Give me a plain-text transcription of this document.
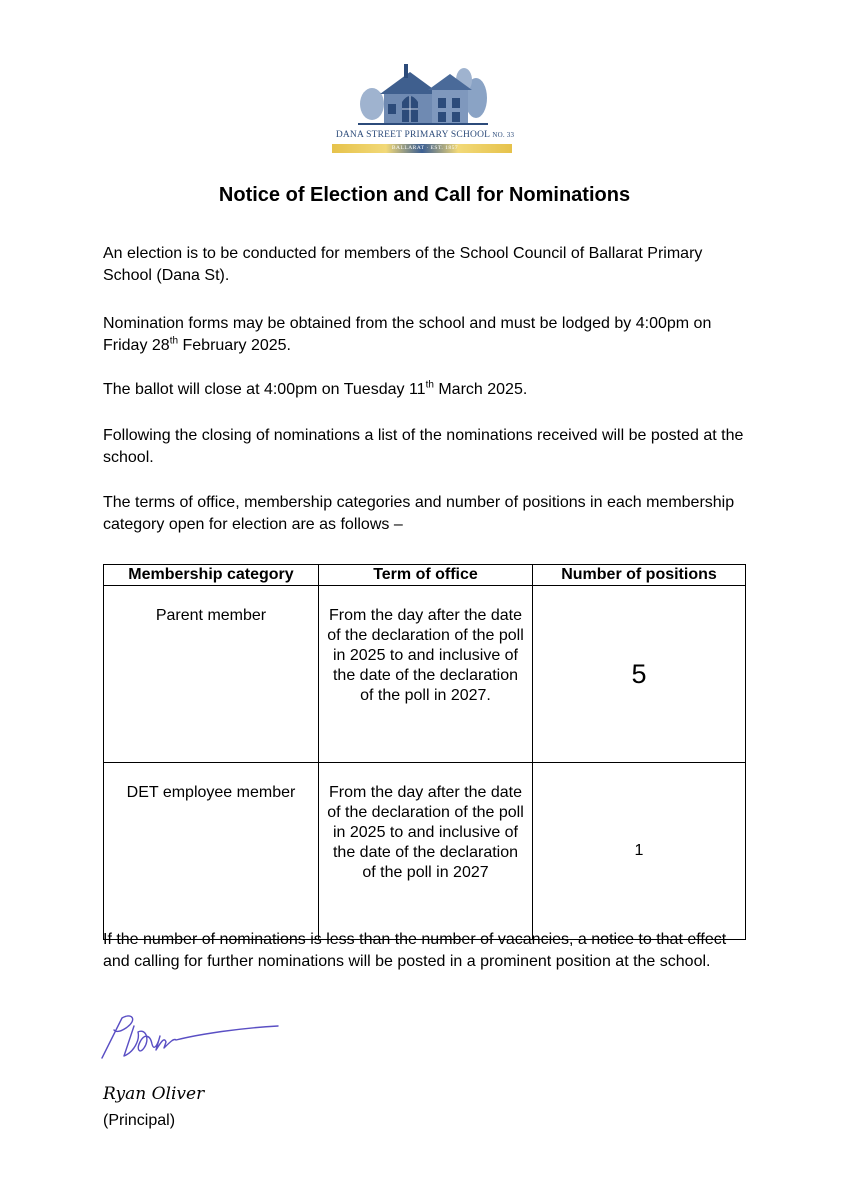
DANA STREET PRIMARY SCHOOL NO. 33
BALLARAT · EST. 1857
Notice of Election and Call for Nominations

An election is to be conducted for members of the School Council of Ballarat Primary School (Dana St).

Nomination forms may be obtained from the school and must be lodged by 4:00pm on Friday 28th February 2025.

The ballot will close at 4:00pm on Tuesday 11th March 2025.

Following the closing of nominations a list of the nominations received will be posted at the school.

The terms of office, membership categories and number of positions in each membership category open for election are as follows –

Membership category	Term of office	Number of positions
Parent member	From the day after the date of the declaration of the poll in 2025 to and inclusive of the date of the declaration of the poll in 2027.	5
DET employee member	From the day after the date of the declaration of the poll in 2025 to and inclusive of the date of the declaration of the poll in 2027	1

If the number of nominations is less than the number of vacancies, a notice to that effect and calling for further nominations will be posted in a prominent position at the school.

Ryan Oliver

(Principal)
